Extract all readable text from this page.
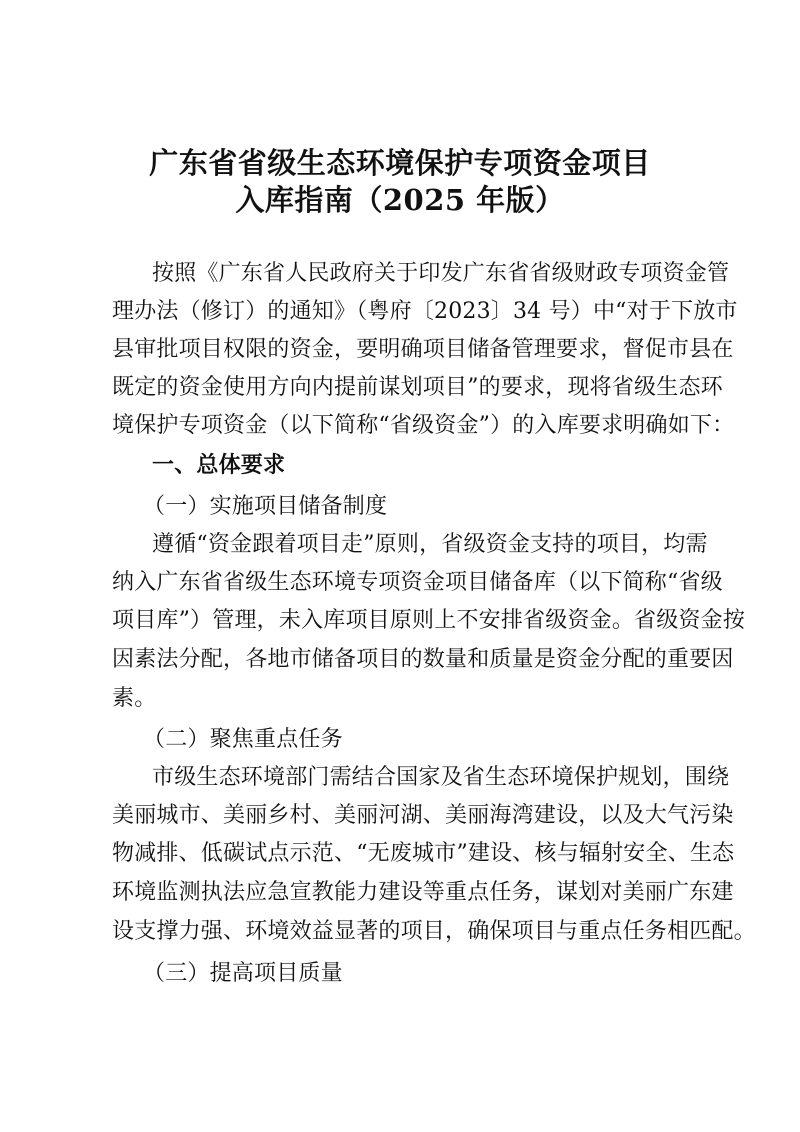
广东省省级生态环境保护专项资金项目
入库指南（2025 年版）
按照《广东省人民政府关于印发广东省省级财政专项资金管
理办法（修订）的通知》（粤府〔2023〕34 号）中“对于下放市
县审批项目权限的资金，要明确项目储备管理要求，督促市县在
既定的资金使用方向内提前谋划项目”的要求，现将省级生态环
境保护专项资金（以下简称“省级资金”）的入库要求明确如下：
一、总体要求
（一）实施项目储备制度
遵循“资金跟着项目走”原则，省级资金支持的项目，均需
纳入广东省省级生态环境专项资金项目储备库（以下简称“省级
项目库”）管理，未入库项目原则上不安排省级资金。省级资金按
因素法分配，各地市储备项目的数量和质量是资金分配的重要因
素。
（二）聚焦重点任务
市级生态环境部门需结合国家及省生态环境保护规划，围绕
美丽城市、美丽乡村、美丽河湖、美丽海湾建设，以及大气污染
物减排、低碳试点示范、“无废城市”建设、核与辐射安全、生态
环境监测执法应急宣教能力建设等重点任务，谋划对美丽广东建
设支撑力强、环境效益显著的项目，确保项目与重点任务相匹配。
（三）提高项目质量
